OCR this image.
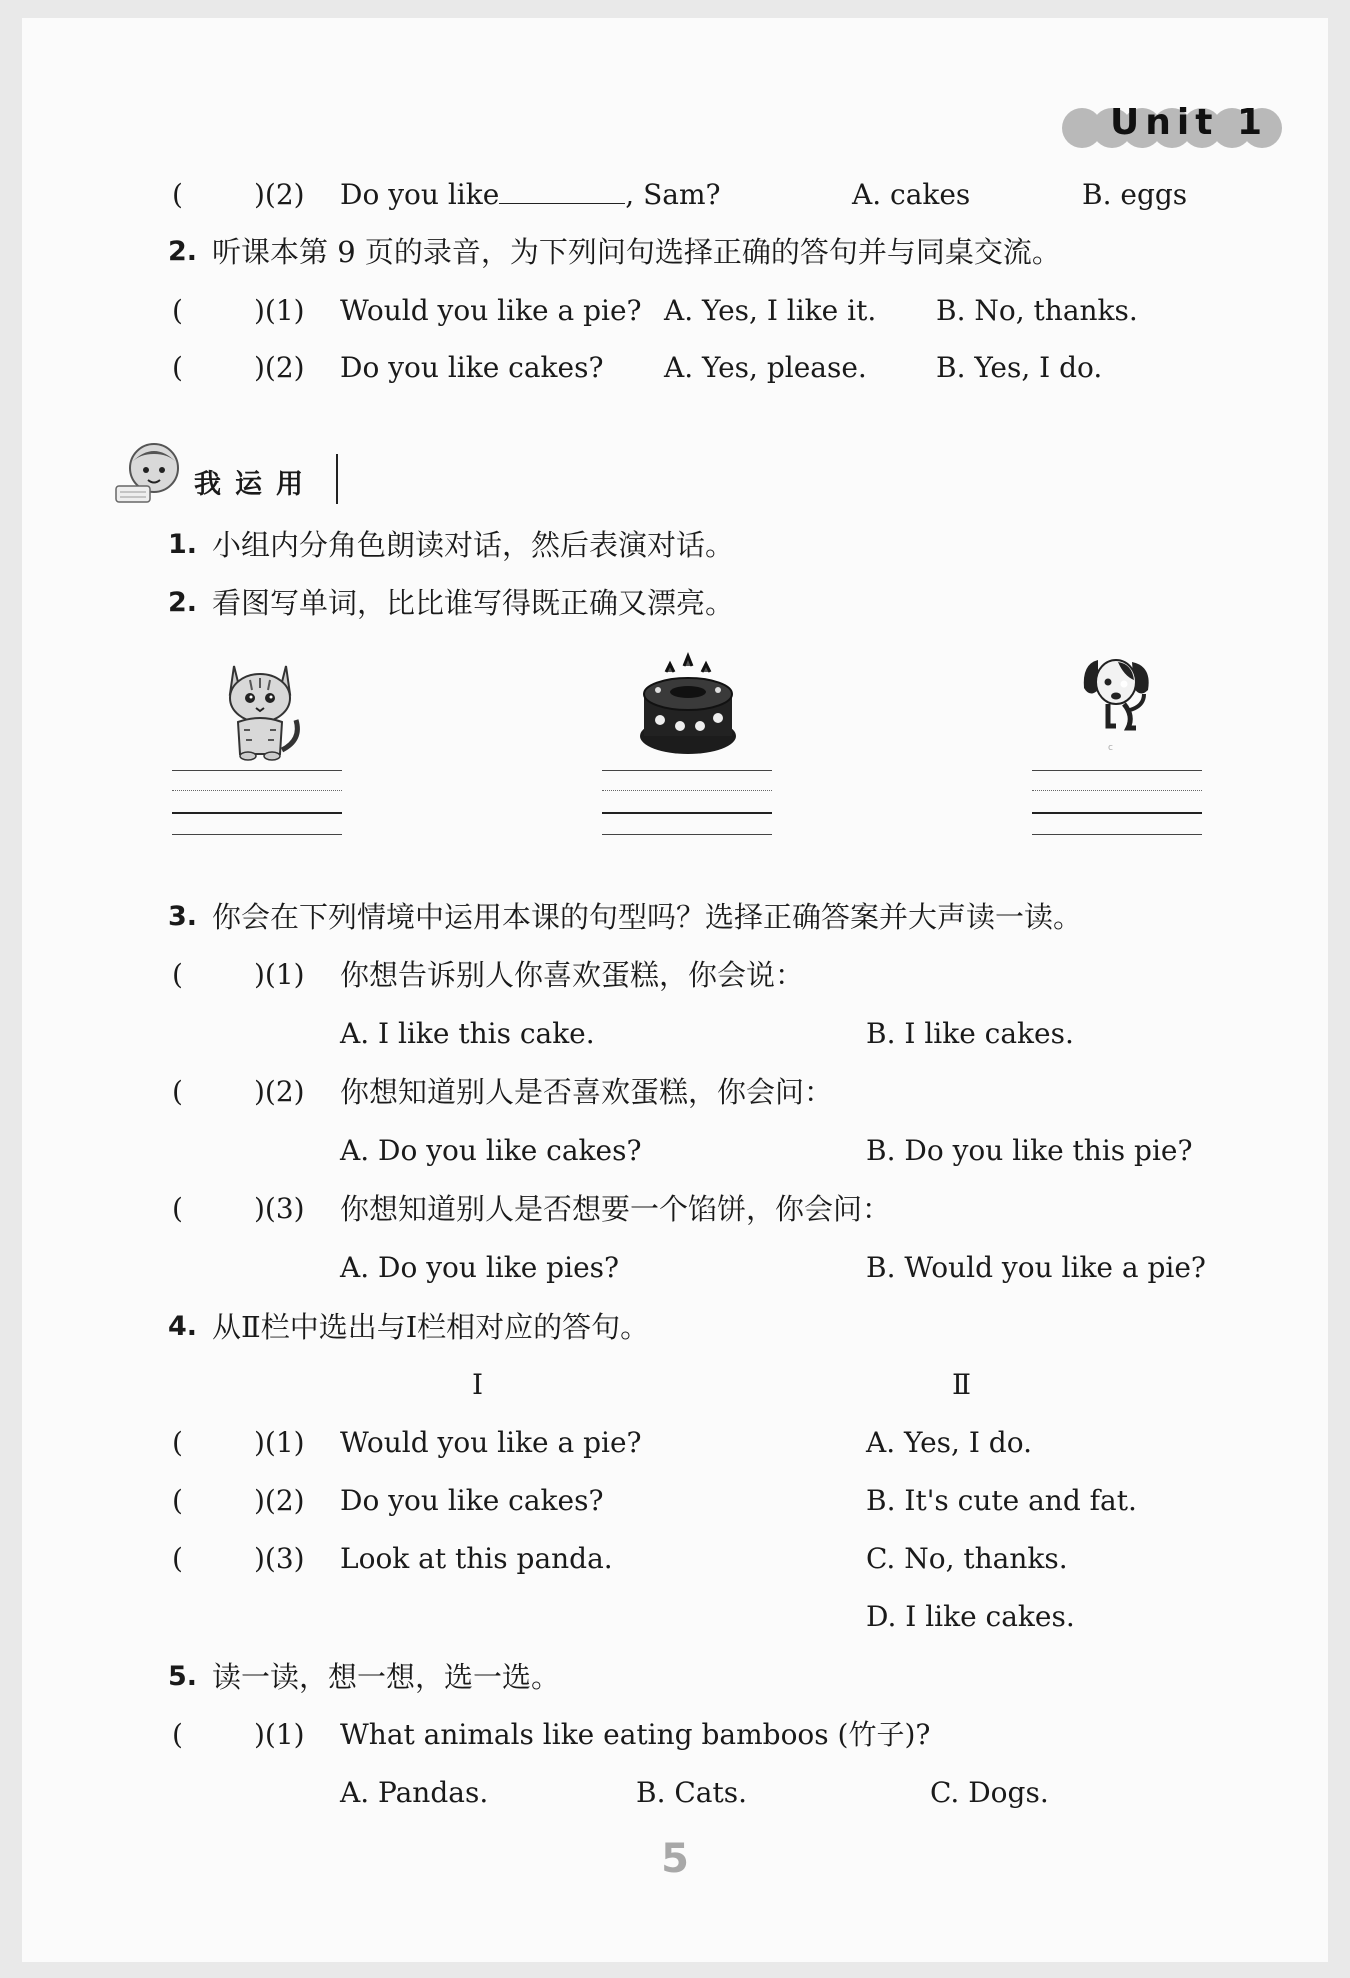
Unit 1
(	)(2) Do you like	, Sam?	A. cakes	B. eggs
2. 听课本第 9 页的录音，为下列问句选择正确的答句并与同桌交流。
(	)(1) Would you like a pie? A. Yes, I like it. B. No, thanks.
(	)(2) Do you like cakes? A. Yes, please. B. Yes, I do.
我运用
1. 小组内分角色朗读对话，然后表演对话。
2. 看图写单词，比比谁写得既正确又漂亮。
c
3. 你会在下列情境中运用本课的句型吗？选择正确答案并大声读一读。
(	)(1) 你想告诉别人你喜欢蛋糕，你会说：
A. I like this cake.	B. I like cakes.
(	)(2) 你想知道别人是否喜欢蛋糕，你会问：
A. Do you like cakes?	B. Do you like this pie?
(	)(3) 你想知道别人是否想要一个馅饼，你会问：
A. Do you like pies?	B. Would you like a pie?
4. 从Ⅱ栏中选出与Ⅰ栏相对应的答句。
Ⅰ	Ⅱ
(	)(1) Would you like a pie?	A. Yes, I do.
(	)(2) Do you like cakes?	B. It's cute and fat.
(	)(3) Look at this panda.	C. No, thanks.
D. I like cakes.
5. 读一读，想一想，选一选。
(	)(1) What animals like eating bamboos (竹子)?
A. Pandas.	B. Cats.	C. Dogs.
5
